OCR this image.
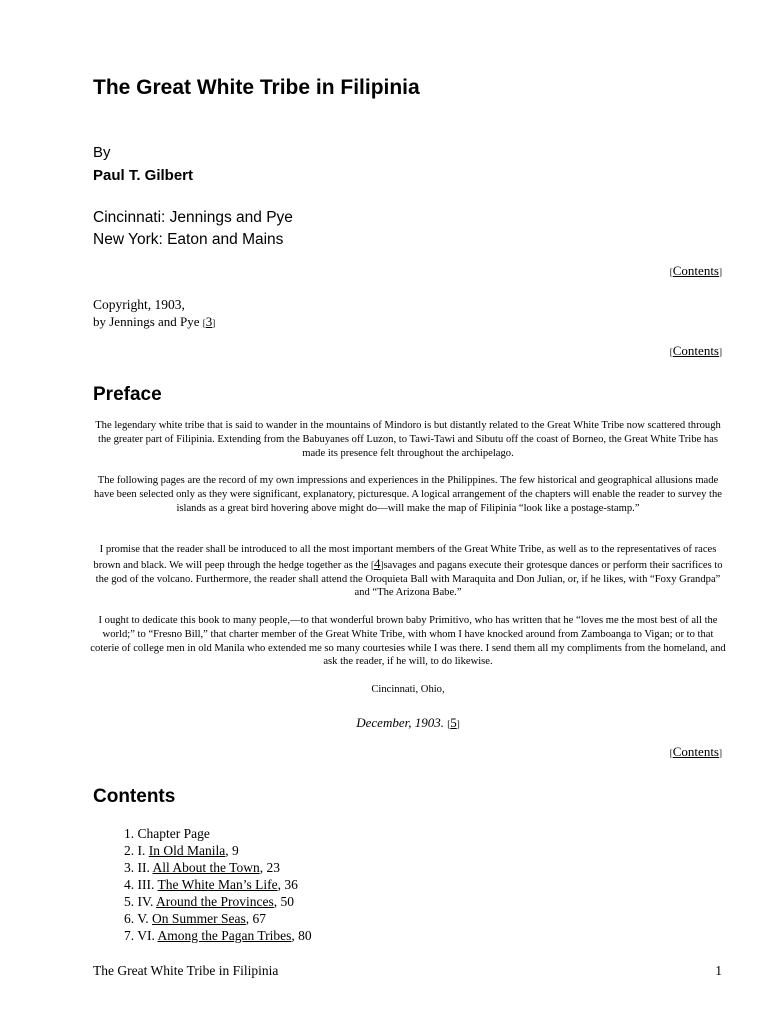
The Great White Tribe in Filipinia
By
Paul T. Gilbert
Cincinnati: Jennings and Pye
New York: Eaton and Mains
[Contents]
Copyright, 1903,
by Jennings and Pye [3]
[Contents]
Preface

The legendary white tribe that is said to wander in the mountains of Mindoro is but distantly related to the Great White Tribe now scattered through the greater part of Filipinia. Extending from the Babuyanes off Luzon, to Tawi-Tawi and Sibutu off the coast of Borneo, the Great White Tribe has made its presence felt throughout the archipelago.

The following pages are the record of my own impressions and experiences in the Philippines. The few historical and geographical allusions made have been selected only as they were significant, explanatory, picturesque. A logical arrangement of the chapters will enable the reader to survey the islands as a great bird hovering above might do—will make the map of Filipinia “look like a postage-stamp.”

I promise that the reader shall be introduced to all the most important members of the Great White Tribe, as well as to the representatives of races brown and black. We will peep through the hedge together as the [4]savages and pagans execute their grotesque dances or perform their sacrifices to the god of the volcano. Furthermore, the reader shall attend the Oroquieta Ball with Maraquita and Don Julian, or, if he likes, with “Foxy Grandpa” and “The Arizona Babe.”

I ought to dedicate this book to many people,—to that wonderful brown baby Primitivo, who has written that he “loves me the most best of all the world;” to “Fresno Bill,” that charter member of the Great White Tribe, with whom I have knocked around from Zamboanga to Vigan; or to that coterie of college men in old Manila who extended me so many courtesies while I was there. I send them all my compliments from the homeland, and ask the reader, if he will, to do likewise.

Cincinnati, Ohio,
December, 1903. [5]
[Contents]
Contents
1. Chapter Page
2. I. In Old Manila, 9
3. II. All About the Town, 23
4. III. The White Man’s Life, 36
5. IV. Around the Provinces, 50
6. V. On Summer Seas, 67
7. VI. Among the Pagan Tribes, 80
The Great White Tribe in Filipinia	1
